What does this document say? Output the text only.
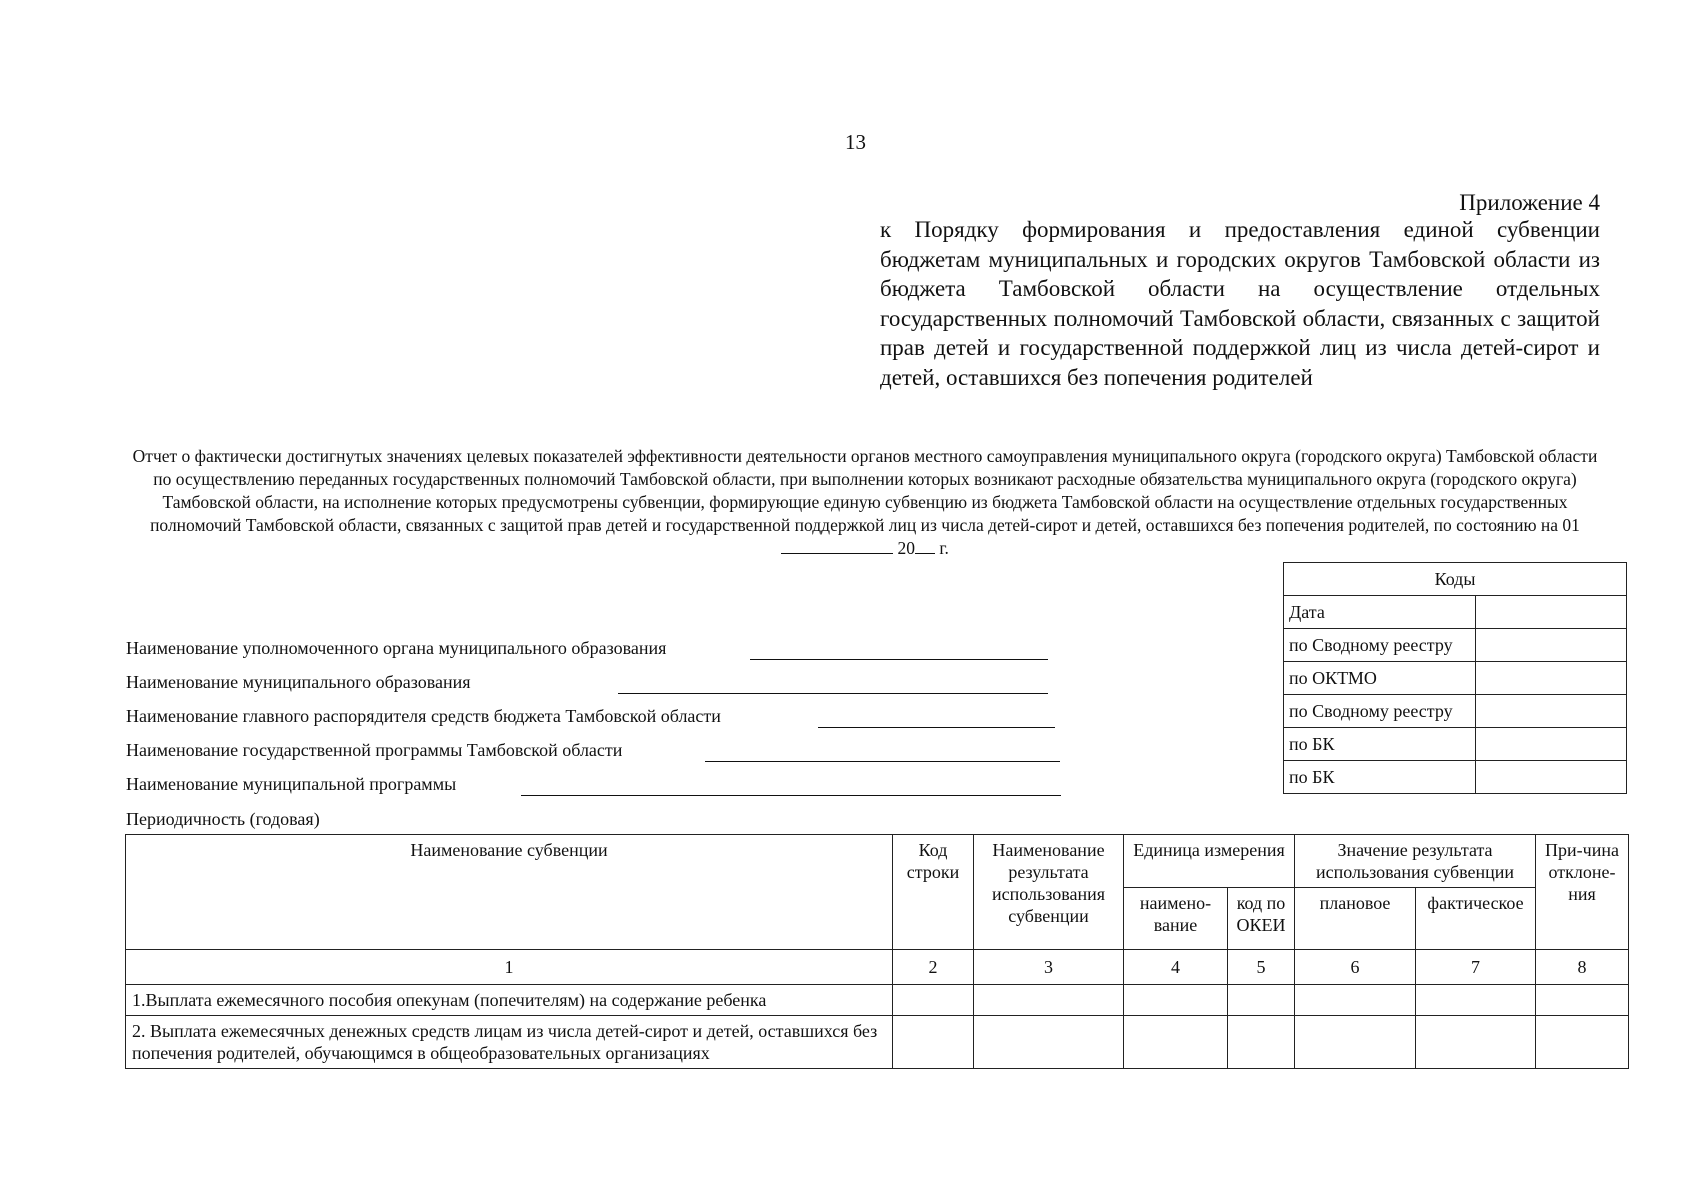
13
Приложение 4
к Порядку формирования и предоставления единой субвенции бюджетам муниципальных и городских округов Тамбовской области из бюджета Тамбовской области на осуществление отдельных государственных полномочий Тамбовской области, связанных с защитой прав детей и государственной поддержкой лиц из числа детей-сирот и детей, оставшихся без попечения родителей
Отчет о фактически достигнутых значениях целевых показателей эффективности деятельности органов местного самоуправления муниципального округа (городского округа) Тамбовской области по осуществлению переданных государственных полномочий Тамбовской области, при выполнении которых возникают расходные обязательства муниципального округа (городского округа) Тамбовской области, на исполнение которых предусмотрены субвенции, формирующие единую субвенцию из бюджета Тамбовской области на осуществление отдельных государственных полномочий Тамбовской области, связанных с защитой прав детей и государственной поддержкой лиц из числа детей-сирот и детей, оставшихся без попечения родителей, по состоянию на 01  20 г.
Коды	
Дата	
по Сводному реестру	
по ОКТМО	
по Сводному реестру	
по БК	
по БК	
Наименование уполномоченного органа муниципального образования
Наименование муниципального образования
Наименование главного распорядителя средств бюджета Тамбовской области
Наименование государственной программы Тамбовской области
Наименование муниципальной программы
Периодичность (годовая)
Наименование субвенции	Код строки	Наименование результата использования субвенции	Единица измерения		Значение результата использования субвенции		При-чина отклоне-ния
			наимено-вание	код по ОКЕИ	плановое	фактическое	
1	2	3	4	5	6	7	8
1.Выплата ежемесячного пособия опекунам (попечителям) на содержание ребенка							
2. Выплата ежемесячных денежных средств лицам из числа детей-сирот и детей, оставшихся без попечения родителей, обучающимся в общеобразовательных организациях							
